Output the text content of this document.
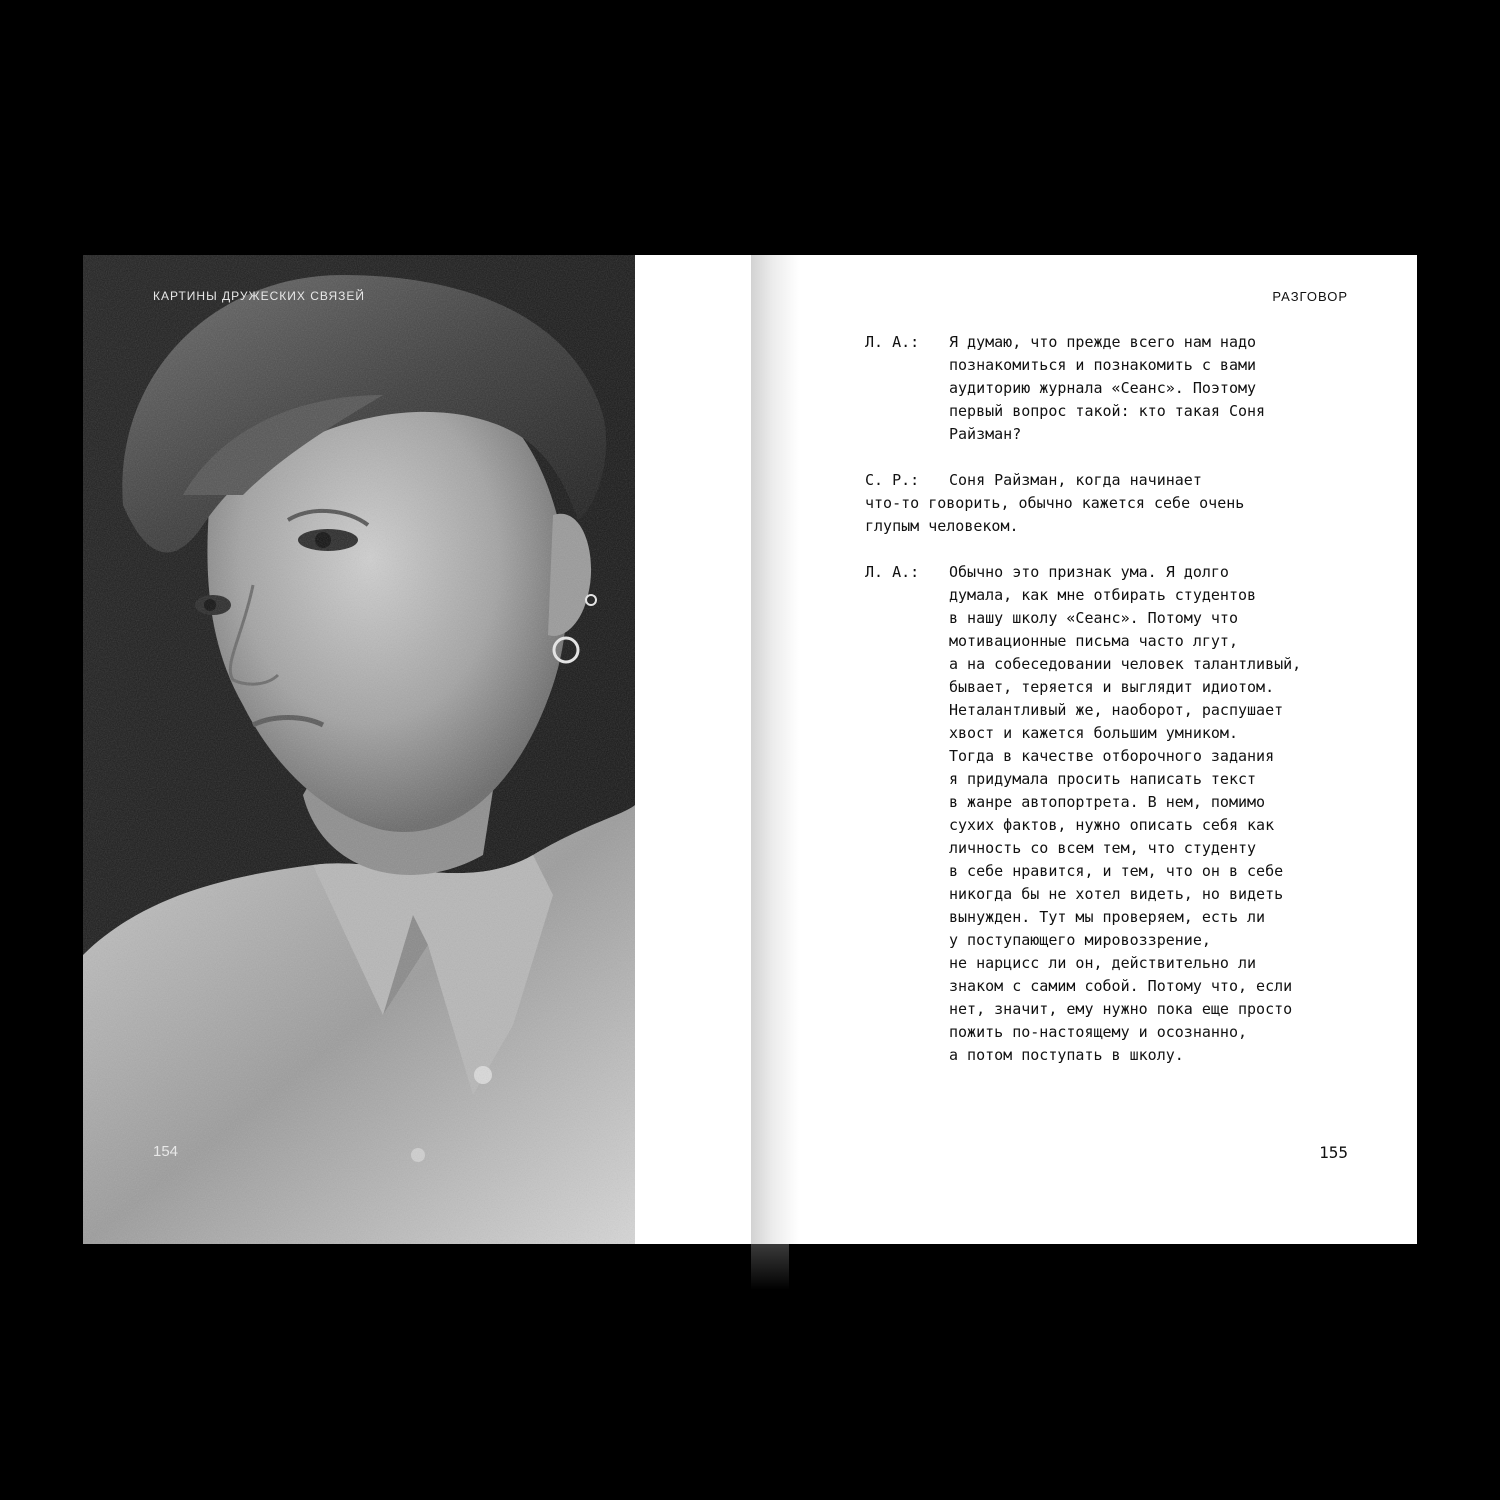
КАРТИНЫ ДРУЖЕСКИХ СВЯЗЕЙ
154
РАЗГОВОР

Л. А.: Я думаю, что прежде всего нам надо

познакомиться и познакомить с вами

аудиторию журнала «Сеанс». Поэтому

первый вопрос такой: кто такая Соня

Райзман?

С. Р.: Соня Райзман, когда начинает

что-то говорить, обычно кажется себе очень

глупым человеком.

Л. А.: Обычно это признак ума. Я долго

думала, как мне отбирать студентов

в нашу школу «Сеанс». Потому что

мотивационные письма часто лгут,

а на собеседовании человек талантливый,

бывает, теряется и выглядит идиотом.

Неталантливый же, наоборот, распушает

хвост и кажется большим умником.

Тогда в качестве отборочного задания

я придумала просить написать текст

в жанре автопортрета. В нем, помимо

сухих фактов, нужно описать себя как

личность со всем тем, что студенту

в себе нравится, и тем, что он в себе

никогда бы не хотел видеть, но видеть

вынужден. Тут мы проверяем, есть ли

у поступающего мировоззрение,

не нарцисс ли он, действительно ли

знаком с самим собой. Потому что, если

нет, значит, ему нужно пока еще просто

пожить по-настоящему и осознанно,

а потом поступать в школу.

155
